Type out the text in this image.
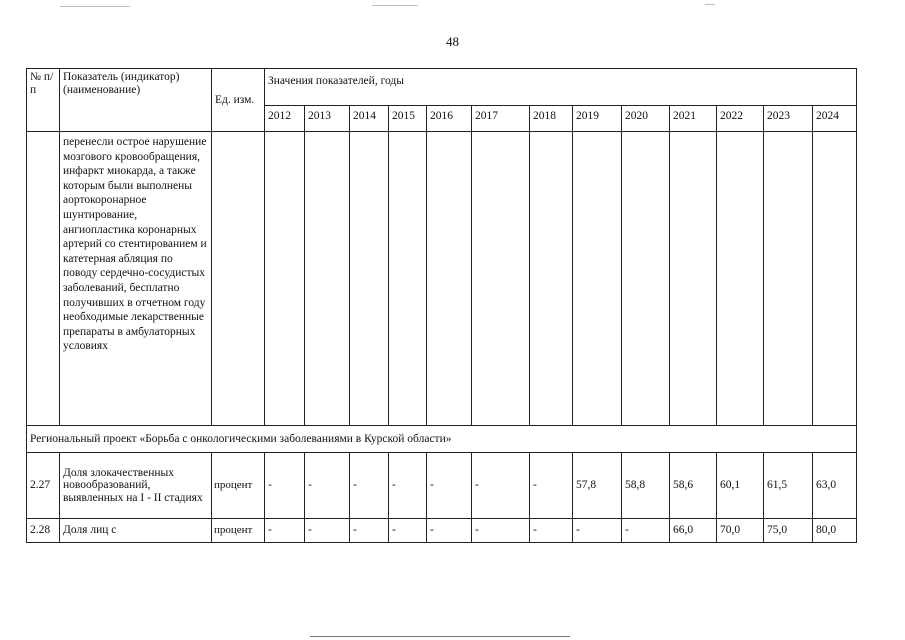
48
№ п/п	Показатель (индикатор) (наименование)	Ед. изм.	Значения показателей, годы												
			2012	2013	2014	2015	2016	2017	2018	2019	2020	2021	2022	2023	2024
	перенесли острое нарушение мозгового кровообращения, инфаркт миокарда, а также которым были выполнены аортокоронарное шунтирование, ангиопластика коронарных артерий со стентированием и катетерная абляция по поводу сердечно-сосудистых заболеваний, бесплатно получивших в отчетном году необходимые лекарственные препараты в амбулаторных условиях														
Региональный проект «Борьба с онкологическими заболеваниями в Курской области»															
2.27	Доля злокачественных новообразований, выявленных на I - II стадиях	процент	-	-	-	-	-	-	-	57,8	58,8	58,6	60,1	61,5	63,0
2.28	Доля лиц с	процент	-	-	-	-	-	-	-	-	-	66,0	70,0	75,0	80,0
